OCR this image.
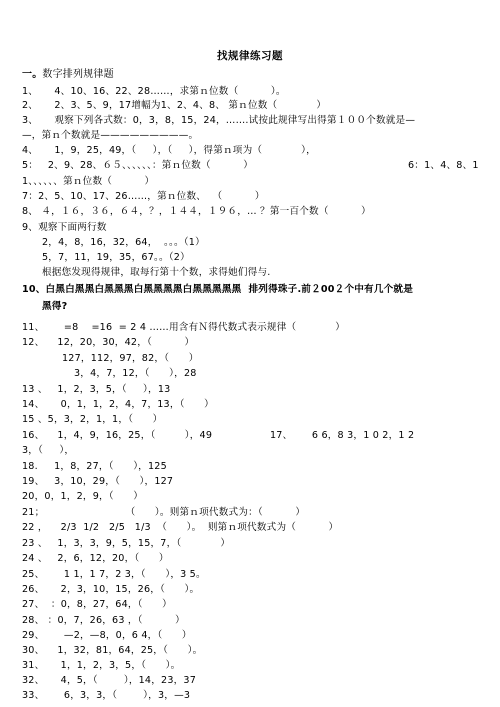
找规律练习题
一。数字排列规律题
1、     4、10、16、22、28……，求第ｎ位数（          ）。
2、     2、3、5、9，17增幅为1、2、4、8、 第ｎ位数（            ）
3、     观察下列各式数：0，3，8，15，24，…….试按此规律写出得第１００个数就是—
—，第ｎ个数就是—————————。
4、     1，9，25，49，（     ），（     ），得第ｎ项为（            ），
5：   2、9、28、６５、、、、、、：第ｎ位数（          ）	6：1、4、8、1
1、、、、、、第ｎ位数（          ）
7：2、5、10、17、26……，第ｎ位数、  （          ）
8、 ４，１６，３６，６４，？，１４４，１９６，… ？第一百个数（          ）
9、观察下面两行数
2，4，8，16，32，64，  。。。（1）
5，7，11，19，35，67。。（2）
根据您发现得规律，取每行第十个数，求得她们得与.
10、白黑白黑黑白黑黑黑白黑黑黑黑白黑黑黑黑黑  排列得珠子.前２00２个中有几个就是
黑得?
11、      =8    =16  = 2 4 ……用含有Ｎ得代数式表示规律（            ）
12、    12，20，30，42，（          ）
127，112，97，82，（      ）
3，4，7，12，（      ），28
13 、   1，2，3，5，（     ），13
14、     0，1，1，2，4，7，13，（      ）
15 、5，3，2，1，1，（      ）
16、    1，4，9，16，25，（         ），49	17、      6 6，8 3，1 0 2，1 2
3，（     ），
18.     1，8，27，（      ），125
19、   3，10，29，（      ），127
20，0，1，2，9，（      ）
21；                         （      ）。则第ｎ项代数式为：（          ）
22 ，    2/3  1/2   2/5   1/3  （      ）。  则第ｎ项代数式为（          ）
23 、   1，3，3，9，5，15，7，（            ）
24 、   2，6，12，20，（      ）
25、      1 1，1 7，2 3，（      ），3 5。
26、     2，3，10，15，26，（      ）。
27、  ：0，8，27，64，（      ）
28、 ：0，7，26，63 ，（          ）
29、      —2，—8，0，6 4，（      ）
30、    1，32，81，64，25，（      ）。
31、     1，1，2，3，5，（      ）。
32、     4，5，（        ），14，23，37
33、      6，3，3，（        ），3，—3
